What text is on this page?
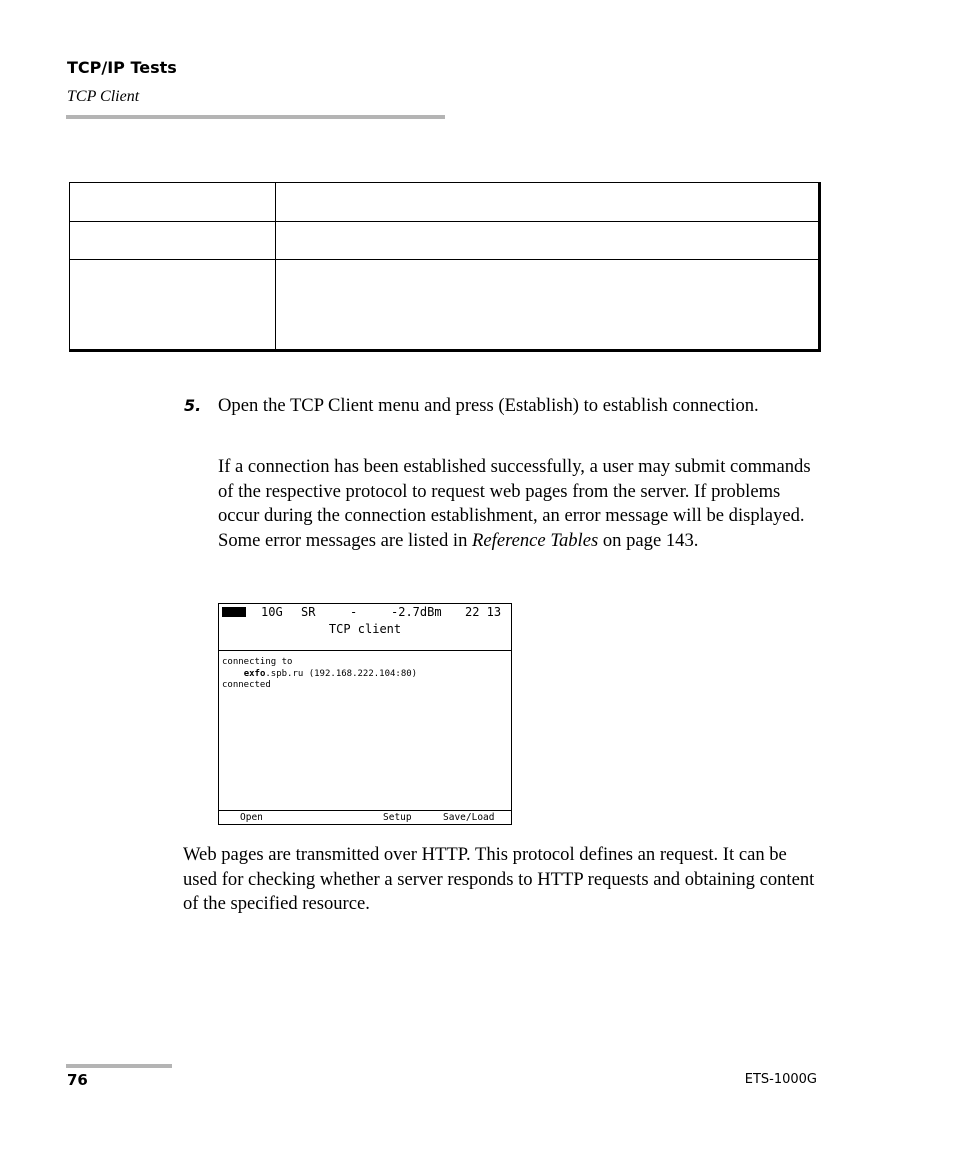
TCP/IP Tests
TCP Client
5. Open the TCP Client menu and press (Establish) to establish connection.

If a connection has been established successfully, a user may submit commands of the respective protocol to request web pages from the server. If problems occur during the connection establishment, an error message will be displayed. Some error messages are listed in Reference Tables on page 143.

10G

SR

	-

	-2.7dBm

22 13

TCP client
connecting to
exfo.spb.ru (192.168.222.104:80)
connected
Open	Setup	Save/Load

Web pages are transmitted over HTTP. This protocol defines an request. It can be used for checking whether a server responds to HTTP requests and obtaining content of the specified resource.

76	ETS-1000G
